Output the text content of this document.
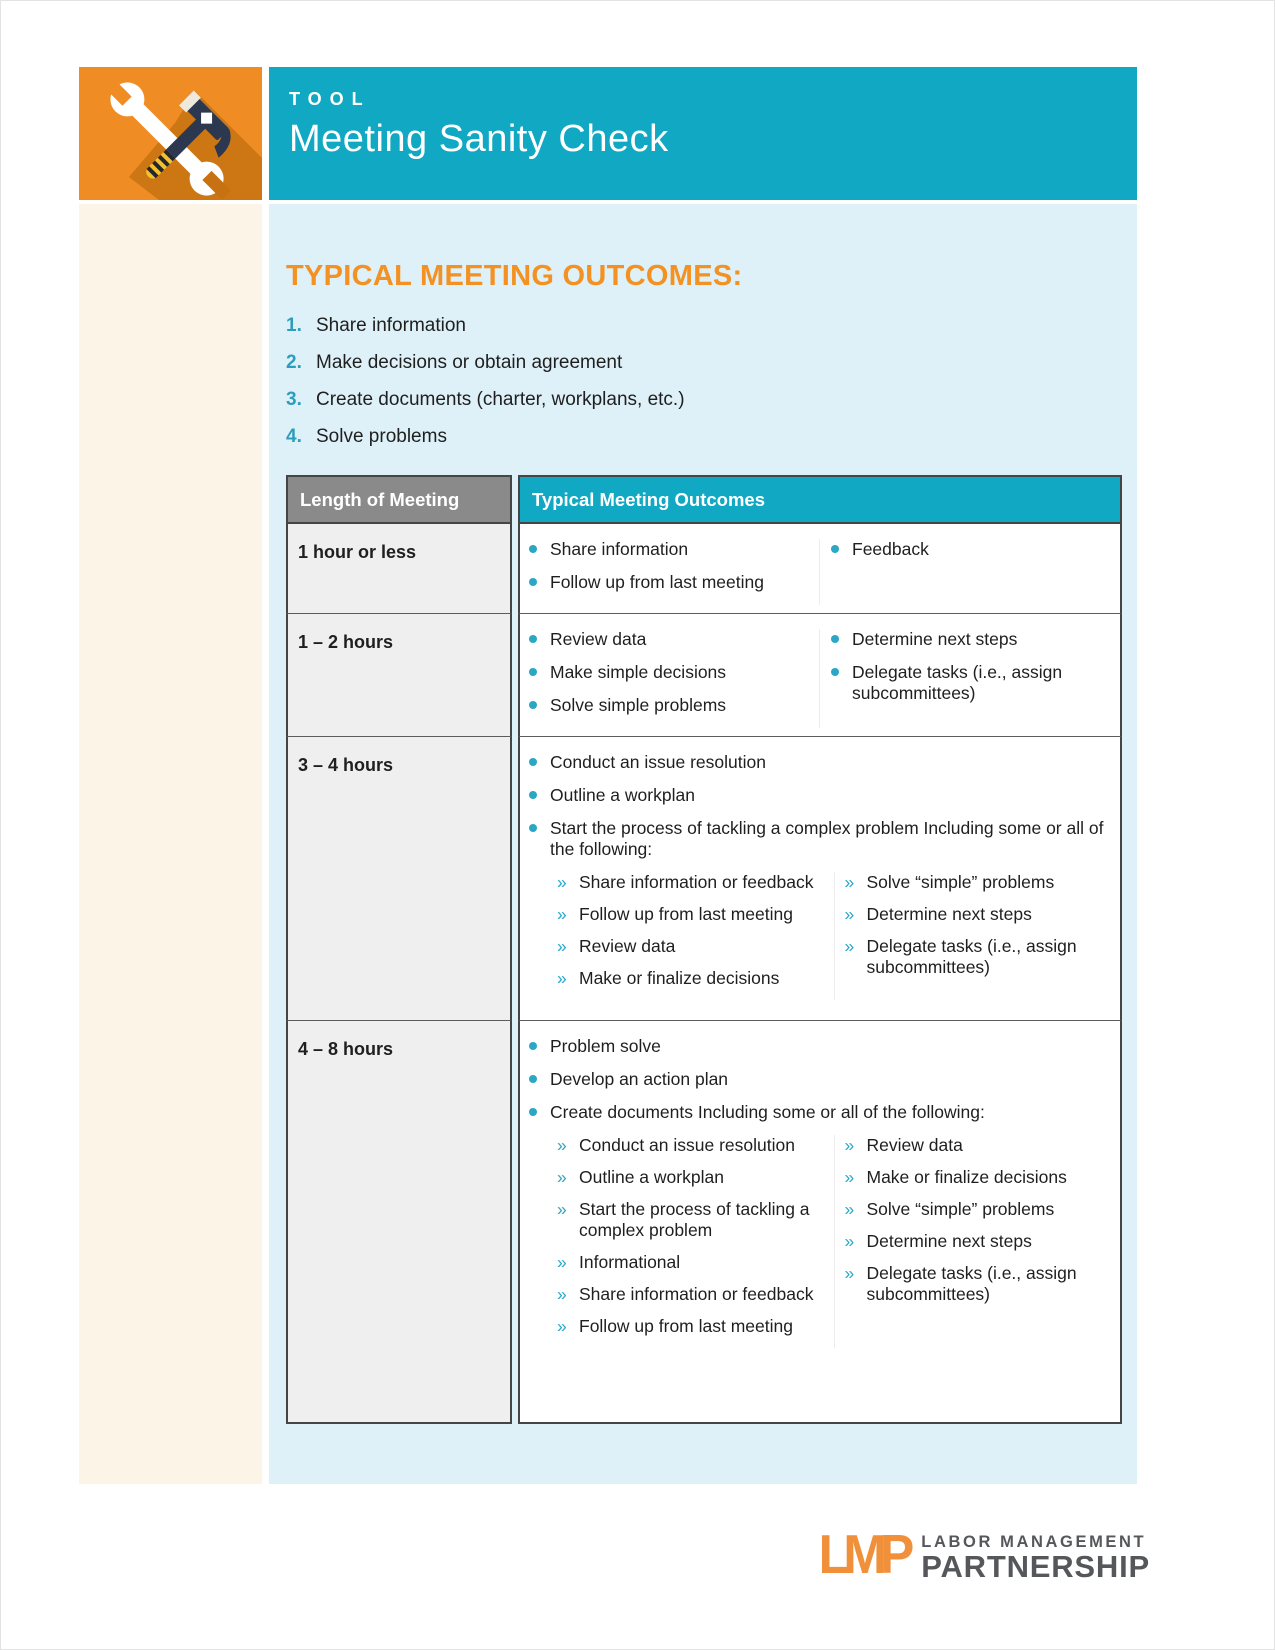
TOOL
Meeting Sanity Check
TYPICAL MEETING OUTCOMES:
1. Share information
2. Make decisions or obtain agreement
3. Create documents (charter, workplans, etc.)
4. Solve problems
Length of Meeting	Typical Meeting Outcomes
1 hour or less	Share information
Follow up from last meeting
Feedback
1 – 2 hours	Review data
Make simple decisions
Solve simple problems
Determine next steps
Delegate tasks (i.e., assign subcommittees)
3 – 4 hours	Conduct an issue resolution
Outline a workplan
Start the process of tackling a complex problem Including some or all of the following:
» Share information or feedback
» Follow up from last meeting
» Review data
» Make or finalize decisions
» Solve “simple” problems
» Determine next steps
» Delegate tasks (i.e., assign subcommittees)
4 – 8 hours	Problem solve
Develop an action plan
Create documents Including some or all of the following:
» Conduct an issue resolution
» Outline a workplan
» Start the process of tackling a complex problem
» Informational
» Share information or feedback
» Follow up from last meeting
» Review data
» Make or finalize decisions
» Solve “simple” problems
» Determine next steps
» Delegate tasks (i.e., assign subcommittees)
LMP LABOR MANAGEMENT
PARTNERSHIP
